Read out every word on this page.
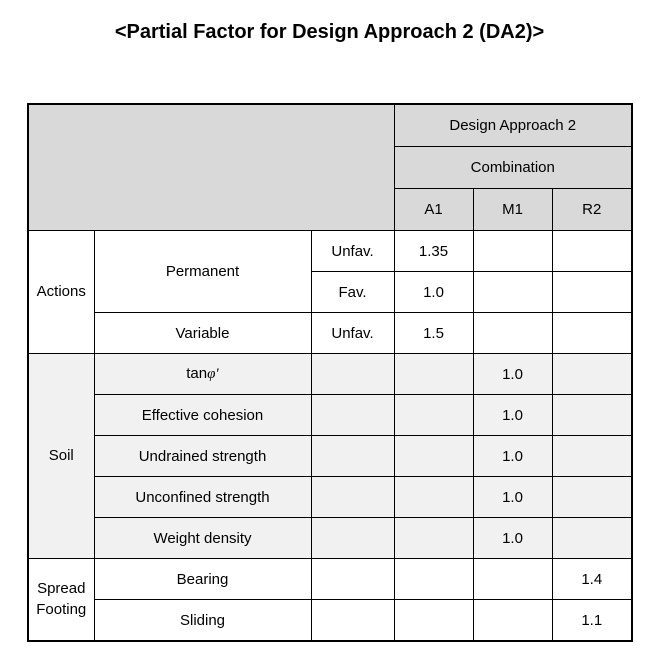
<Partial Factor for Design Approach 2 (DA2)>
			Design Approach 2		
			Combination		
			A1	M1	R2
Actions	Permanent	Unfav.	1.35		
		Fav.	1.0		
	Variable	Unfav.	1.5		
Soil	tanφ′			1.0	
	Effective cohesion			1.0	
	Undrained strength			1.0	
	Unconfined strength			1.0	
	Weight density			1.0	
Spread Footing	Bearing				1.4
	Sliding				1.1
